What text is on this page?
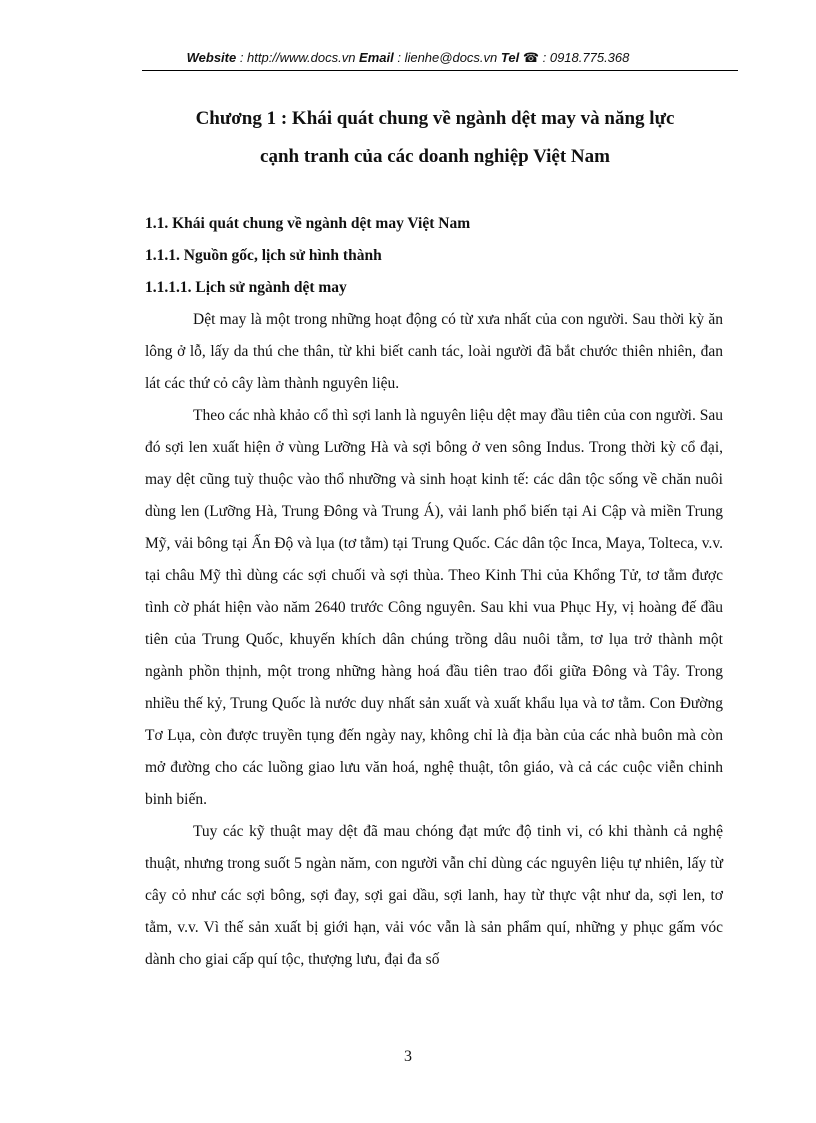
Website : http://www.docs.vn Email : lienhe@docs.vn Tel ☎ : 0918.775.368
Chương 1 : Khái quát chung về ngành dệt may và năng lực
cạnh tranh của các doanh nghiệp Việt Nam

1.1. Khái quát chung về ngành dệt may Việt Nam

1.1.1. Nguồn gốc, lịch sử hình thành

1.1.1.1. Lịch sử ngành dệt may

Dệt may là một trong những hoạt động có từ xưa nhất của con người. Sau thời kỳ ăn lông ở lỗ, lấy da thú che thân, từ khi biết canh tác, loài người đã bắt chước thiên nhiên, đan lát các thứ cỏ cây làm thành nguyên liệu.

Theo các nhà khảo cổ thì sợi lanh là nguyên liệu dệt may đầu tiên của con người. Sau đó sợi len xuất hiện ở vùng Lưỡng Hà và sợi bông ở ven sông Indus. Trong thời kỳ cổ đại, may dệt cũng tuỳ thuộc vào thổ nhưỡng và sinh hoạt kinh tế: các dân tộc sống về chăn nuôi dùng len (Lưỡng Hà, Trung Đông và Trung Á), vải lanh phổ biến tại Ai Cập và miền Trung Mỹ, vải bông tại Ấn Độ và lụa (tơ tằm) tại Trung Quốc. Các dân tộc Inca, Maya, Tolteca, v.v. tại châu Mỹ thì dùng các sợi chuối và sợi thùa. Theo Kinh Thi của Khổng Tử, tơ tằm được tình cờ phát hiện vào năm 2640 trước Công nguyên. Sau khi vua Phục Hy, vị hoàng đế đầu tiên của Trung Quốc, khuyến khích dân chúng trồng dâu nuôi tằm, tơ lụa trở thành một ngành phồn thịnh, một trong những hàng hoá đầu tiên trao đổi giữa Đông và Tây. Trong nhiều thế kỷ, Trung Quốc là nước duy nhất sản xuất và xuất khẩu lụa và tơ tằm. Con Đường Tơ Lụa, còn được truyền tụng đến ngày nay, không chỉ là địa bàn của các nhà buôn mà còn mở đường cho các luồng giao lưu văn hoá, nghệ thuật, tôn giáo, và cả các cuộc viễn chinh binh biến.

Tuy các kỹ thuật may dệt đã mau chóng đạt mức độ tinh vi, có khi thành cả nghệ thuật, nhưng trong suốt 5 ngàn năm, con người vẫn chỉ dùng các nguyên liệu tự nhiên, lấy từ cây cỏ như các sợi bông, sợi đay, sợi gai dầu, sợi lanh, hay từ thực vật như da, sợi len, tơ tằm, v.v. Vì thế sản xuất bị giới hạn, vải vóc vẫn là sản phẩm quí, những y phục gấm vóc dành cho giai cấp quí tộc, thượng lưu, đại đa số

3
